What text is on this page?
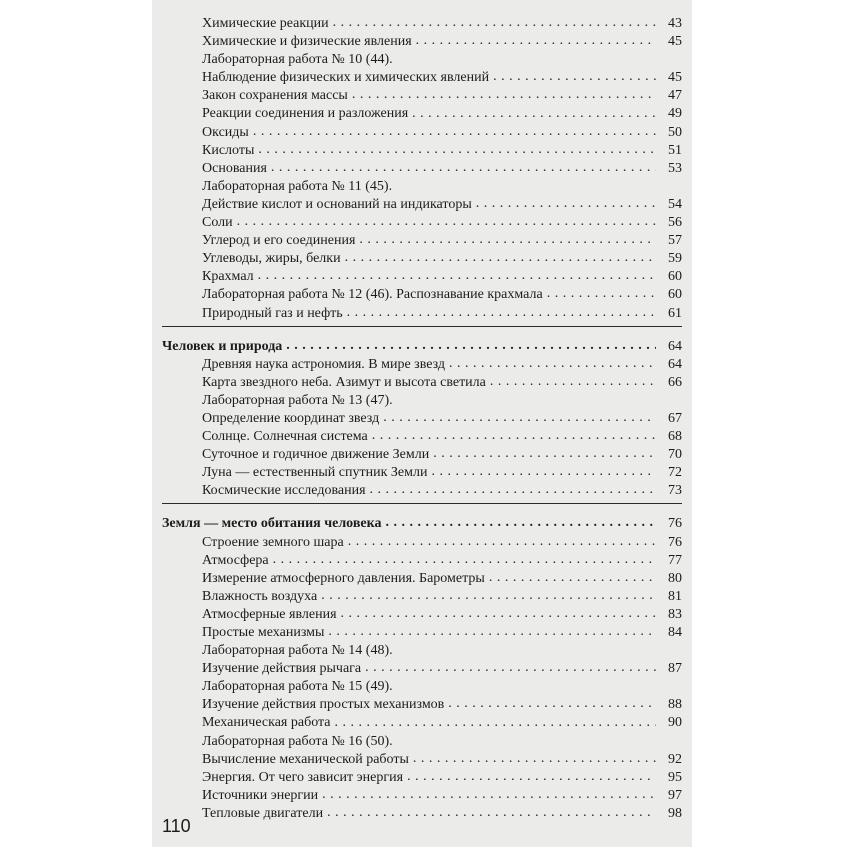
Химические реакции . . .	43
Химические и физические явления . . .	45
Лабораторная работа № 10 (44).
Наблюдение физических и химических явлений . . .	45
Закон сохранения массы . . .	47
Реакции соединения и разложения . . .	49
Оксиды . . .	50
Кислоты . . .	51
Основания . . .	53
Лабораторная работа № 11 (45).
Действие кислот и оснований на индикаторы . . .	54
Соли . . .	56
Углерод и его соединения . . .	57
Углеводы, жиры, белки . . .	59
Крахмал . . .	60
Лабораторная работа № 12 (46). Распознавание крахмала . . .	60
Природный газ и нефть . . .	61
Человек и природа . . .	64
Древняя наука астрономия. В мире звезд . . .	64
Карта звездного неба. Азимут и высота светила . . .	66
Лабораторная работа № 13 (47).
Определение координат звезд . . .	67
Солнце. Солнечная система . . .	68
Суточное и годичное движение Земли . . .	70
Луна — естественный спутник Земли . . .	72
Космические исследования . . .	73
Земля — место обитания человека . . .	76
Строение земного шара . . .	76
Атмосфера . . .	77
Измерение атмосферного давления. Барометры . . .	80
Влажность воздуха . . .	81
Атмосферные явления . . .	83
Простые механизмы . . .	84
Лабораторная работа № 14 (48).
Изучение действия рычага . . .	87
Лабораторная работа № 15 (49).
Изучение действия простых механизмов . . .	88
Механическая работа . . .	90
Лабораторная работа № 16 (50).
Вычисление механической работы . . .	92
Энергия. От чего зависит энергия . . .	95
Источники энергии . . .	97
Тепловые двигатели . . .	98
110
